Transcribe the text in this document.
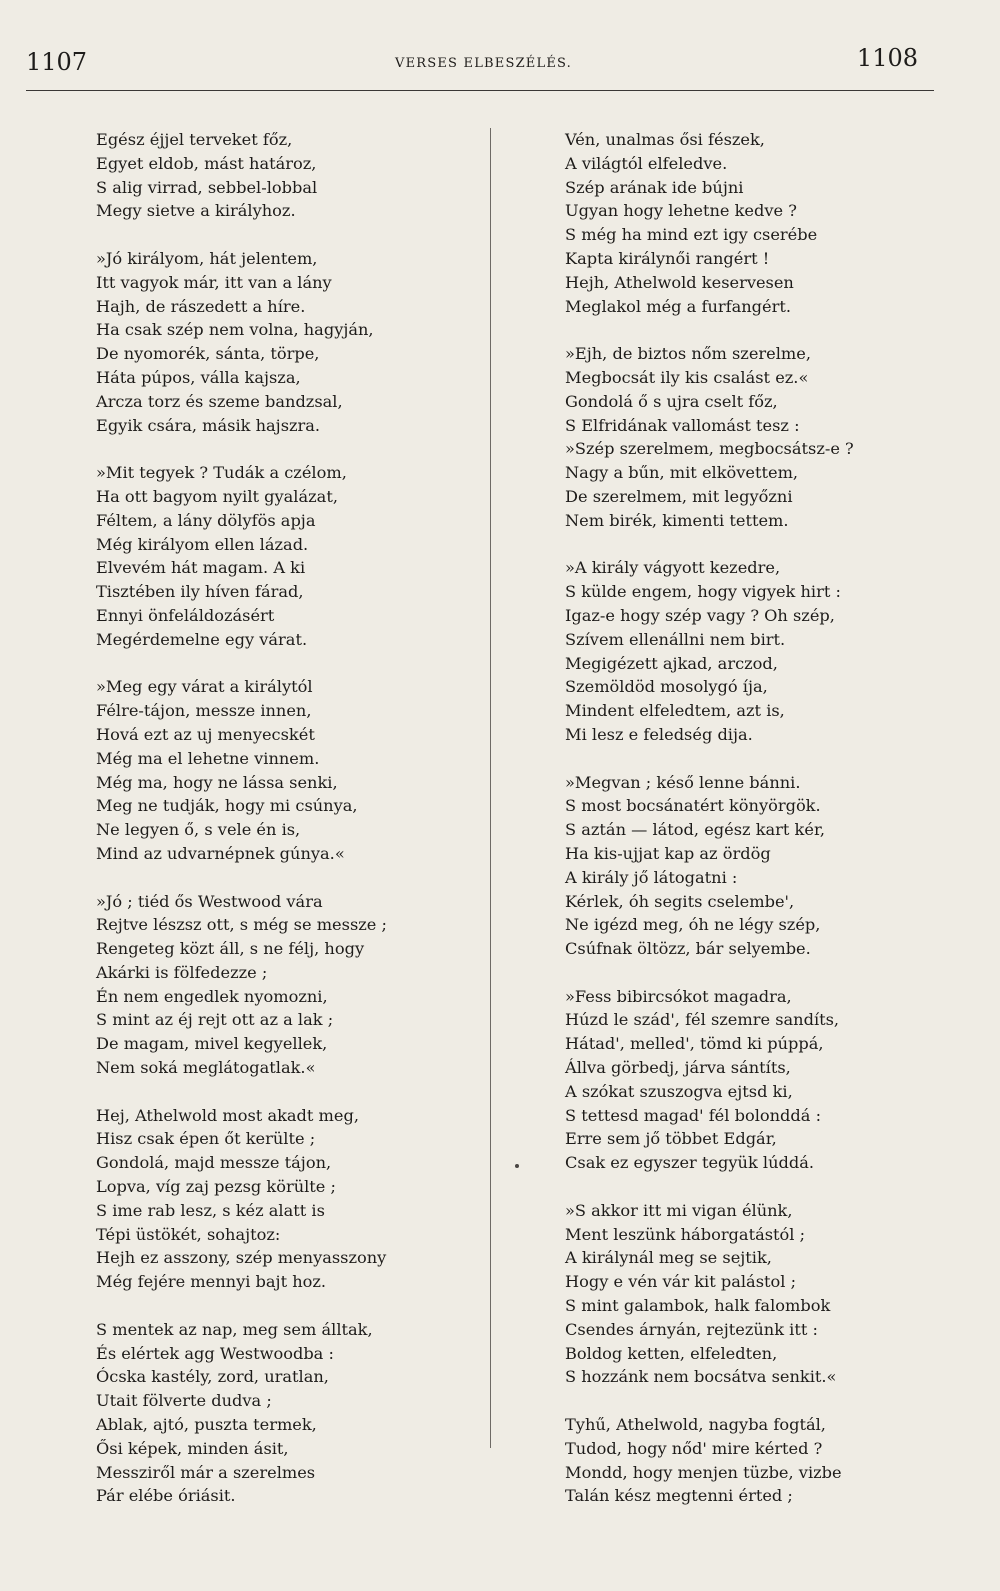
1107	VERSES ELBESZÉLÉS.	1108
Egész éjjel terveket főz,
Egyet eldob, mást határoz,
S alig virrad, sebbel-lobbal
Megy sietve a királyhoz.
»Jó királyom, hát jelentem,
Itt vagyok már, itt van a lány
Hajh, de rászedett a híre.
Ha csak szép nem volna, hagyján,
De nyomorék, sánta, törpe,
Háta púpos, válla kajsza,
Arcza torz és szeme bandzsal,
Egyik csára, másik hajszra.
»Mit tegyek ? Tudák a czélom,
Ha ott bagyom nyilt gyalázat,
Féltem, a lány dölyfös apja
Még királyom ellen lázad.
Elvevém hát magam. A ki
Tisztében ily híven fárad,
Ennyi önfeláldozásért
Megérdemelne egy várat.
»Meg egy várat a királytól
Félre-tájon, messze innen,
Hová ezt az uj menyecskét
Még ma el lehetne vinnem.
Még ma, hogy ne lássa senki,
Meg ne tudják, hogy mi csúnya,
Ne legyen ő, s vele én is,
Mind az udvarnépnek gúnya.«
»Jó ; tiéd ős Westwood vára
Rejtve lészsz ott, s még se messze ;
Rengeteg közt áll, s ne félj, hogy
Akárki is fölfedezze ;
Én nem engedlek nyomozni,
S mint az éj rejt ott az a lak ;
De magam, mivel kegyellek,
Nem soká meglátogatlak.«
Hej, Athelwold most akadt meg,
Hisz csak épen őt kerülte ;
Gondolá, majd messze tájon,
Lopva, víg zaj pezsg körülte ;
S ime rab lesz, s kéz alatt is
Tépi üstökét, sohajtoz:
Hejh ez asszony, szép menyasszony
Még fejére mennyi bajt hoz.
S mentek az nap, meg sem álltak,
És elértek agg Westwoodba :
Ócska kastély, zord, uratlan,
Utait fölverte dudva ;
Ablak, ajtó, puszta termek,
Ősi képek, minden ásit,
Messziről már a szerelmes
Pár elébe óriásit.
Vén, unalmas ősi fészek,
A világtól elfeledve.
Szép arának ide bújni
Ugyan hogy lehetne kedve ?
S még ha mind ezt igy cserébe
Kapta királynői rangért !
Hejh, Athelwold keservesen
Meglakol még a furfangért.
»Ejh, de biztos nőm szerelme,
Megbocsát ily kis csalást ez.«
Gondolá ő s ujra cselt főz,
S Elfridának vallomást tesz :
»Szép szerelmem, megbocsátsz-e ?
Nagy a bűn, mit elkövettem,
De szerelmem, mit legyőzni
Nem birék, kimenti tettem.
»A király vágyott kezedre,
S külde engem, hogy vigyek hirt :
Igaz-e hogy szép vagy ? Oh szép,
Szívem ellenállni nem birt.
Megigézett ajkad, arczod,
Szemöldöd mosolygó íja,
Mindent elfeledtem, azt is,
Mi lesz e feledség dija.
»Megvan ; késő lenne bánni.
S most bocsánatért könyörgök.
S aztán — látod, egész kart kér,
Ha kis-ujjat kap az ördög
A király jő látogatni :
Kérlek, óh segits cselembe',
Ne igézd meg, óh ne légy szép,
Csúfnak öltözz, bár selyembe.
»Fess bibircsókot magadra,
Húzd le szád', fél szemre sandíts,
Hátad', melled', tömd ki púppá,
Állva görbedj, járva sántíts,
A szókat szuszogva ejtsd ki,
S tettesd magad' fél bolonddá :
Erre sem jő többet Edgár,
Csak ez egyszer tegyük lúddá.
»S akkor itt mi vigan élünk,
Ment leszünk háborgatástól ;
A királynál meg se sejtik,
Hogy e vén vár kit palástol ;
S mint galambok, halk falombok
Csendes árnyán, rejtezünk itt :
Boldog ketten, elfeledten,
S hozzánk nem bocsátva senkit.«
Tyhű, Athelwold, nagyba fogtál,
Tudod, hogy nőd' mire kérted ?
Mondd, hogy menjen tüzbe, vizbe
Talán kész megtenni érted ;
